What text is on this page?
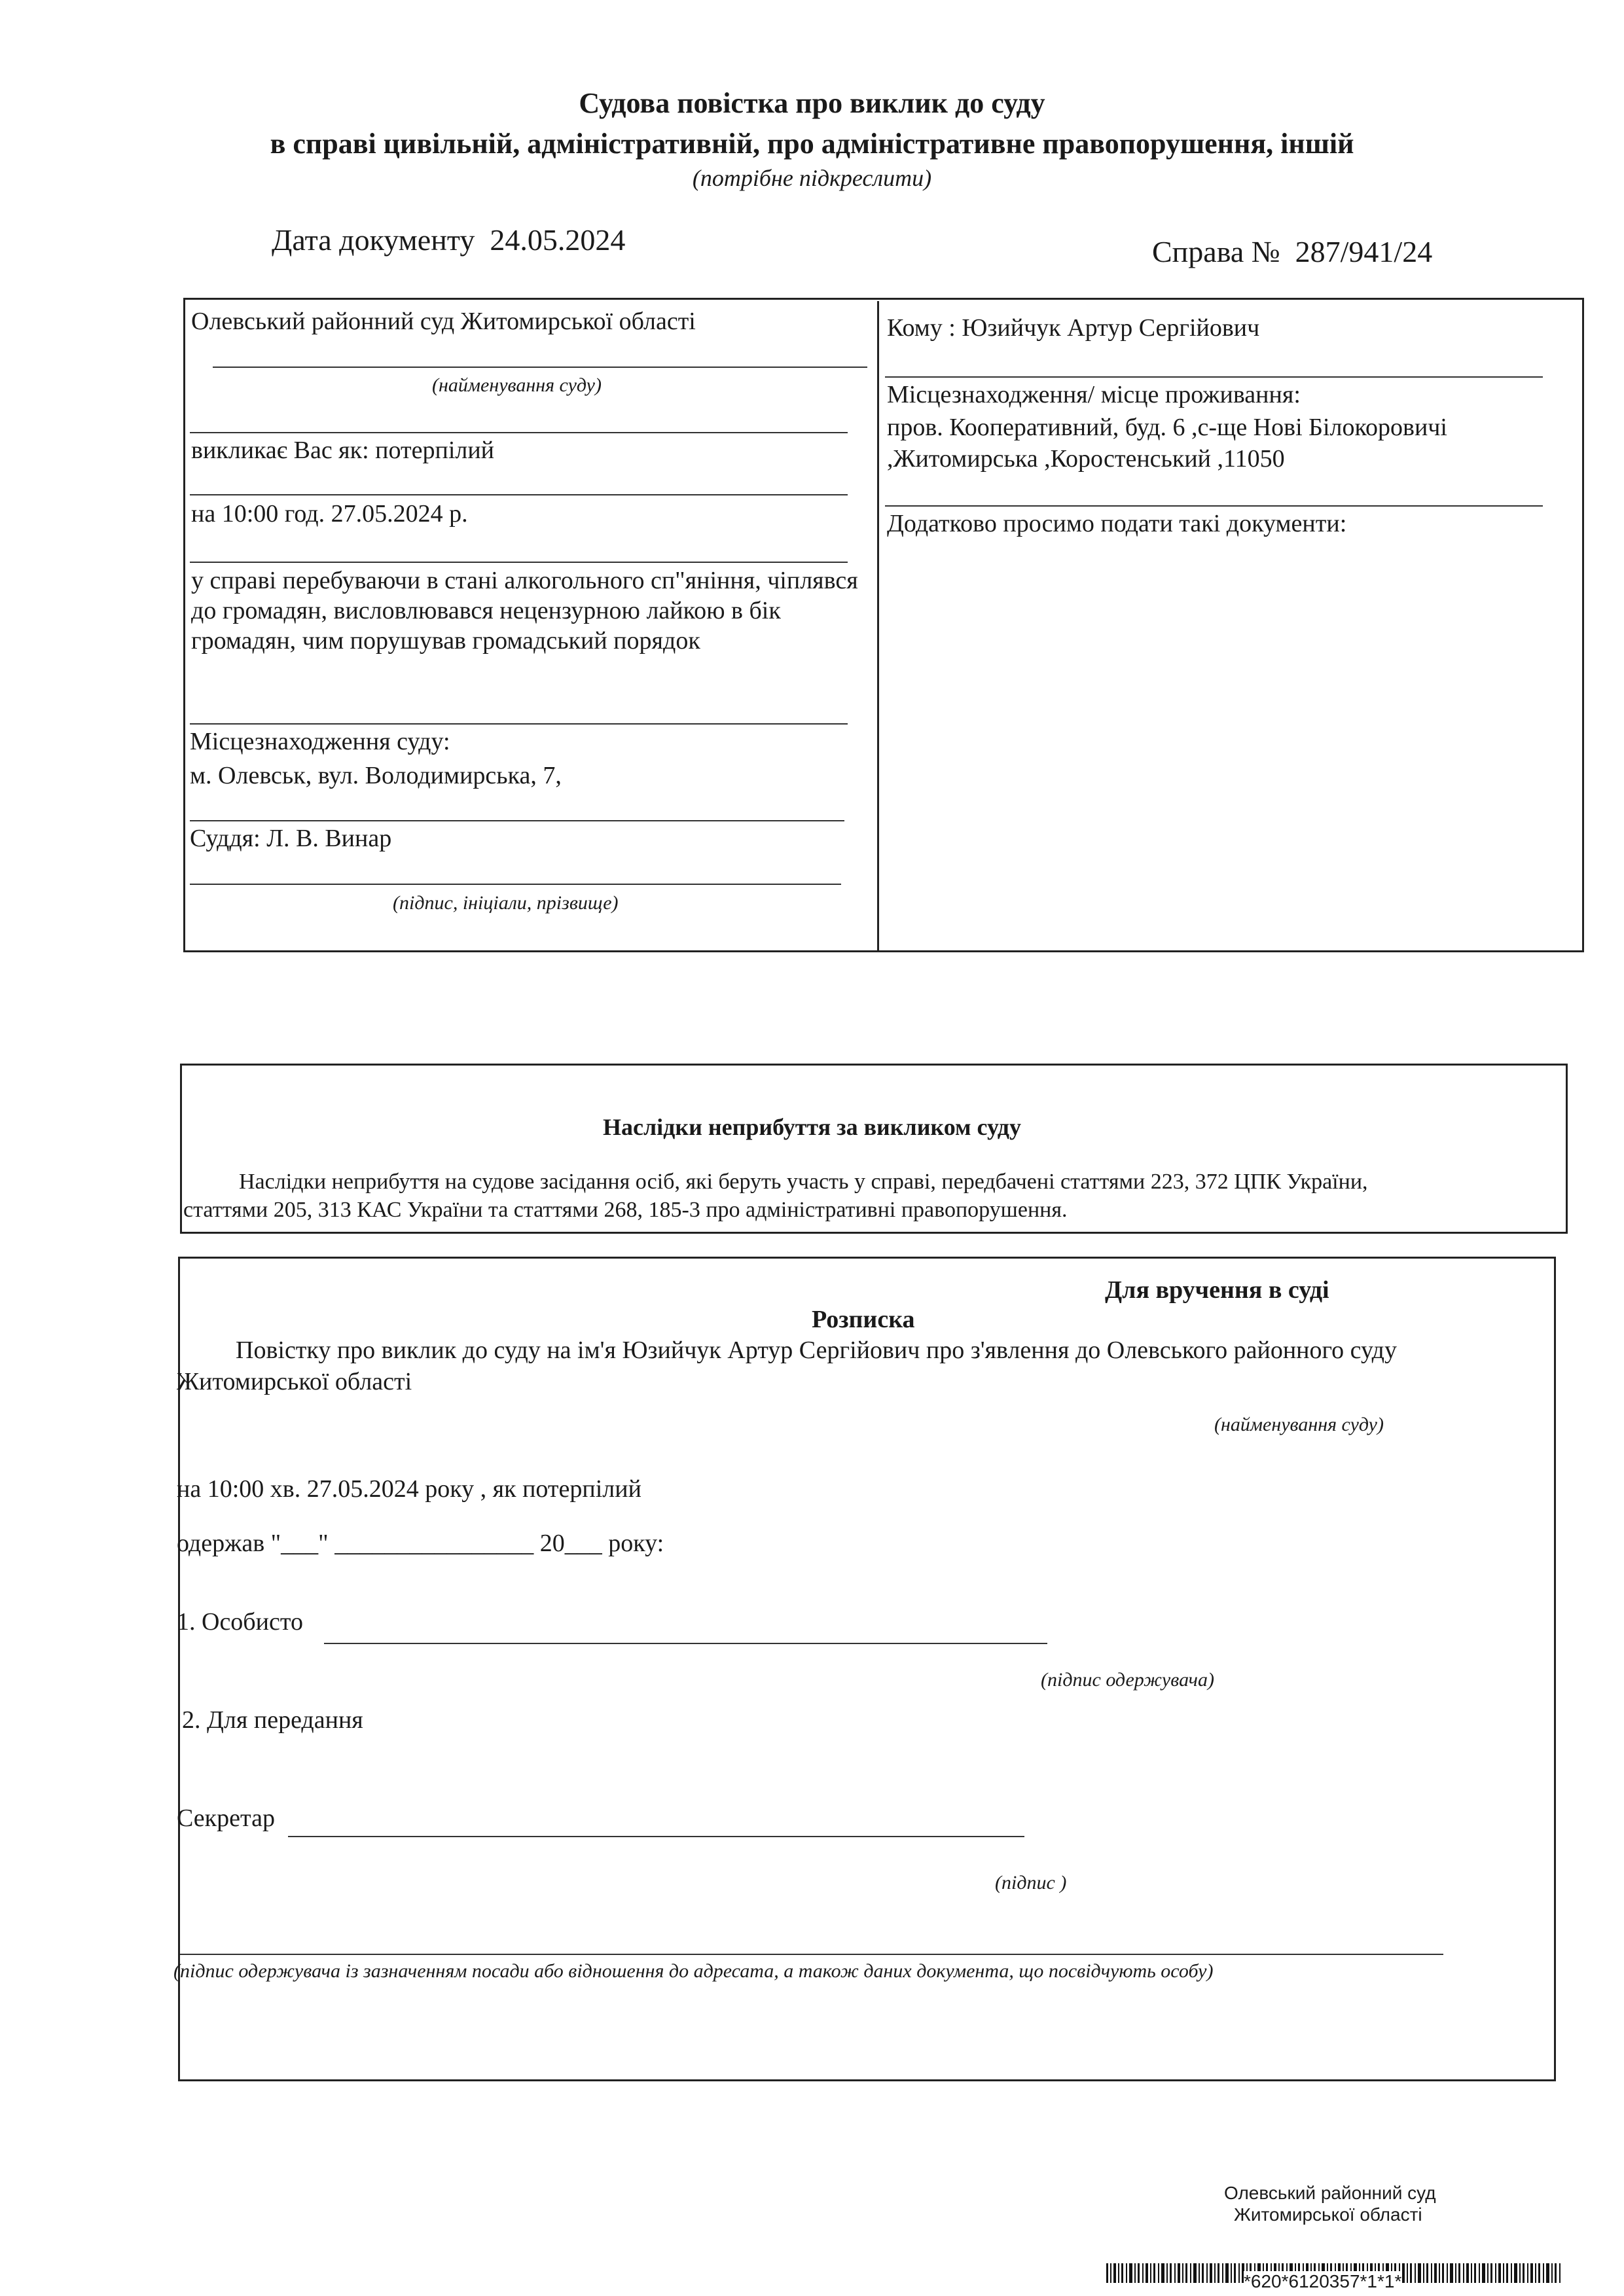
Судова повістка про виклик до суду
в справі цивільній, адміністративній, про адміністративне правопорушення, іншій
(потрібне підкреслити)
Дата документу 24.05.2024	Справа № 287/941/24
Олевський районний суд Житомирської області
(найменування суду)
викликає Вас як: потерпілий
на 10:00 год. 27.05.2024 р.
у справі перебуваючи в стані алкогольного сп"яніння, чіплявся до громадян, висловлювався нецензурною лайкою в бік громадян, чим порушував громадський порядок
Місцезнаходження суду:
м. Олевськ, вул. Володимирська, 7,
Суддя: Л. В. Винар
(підпис, ініціали, прізвище)
Кому : Юзийчук Артур Сергійович
Місцезнаходження/ місце проживання:
пров. Кооперативний, буд. 6 ,с-ще Нові Білокоровичі
,Житомирська ,Коростенський ,11050
Додатково просимо подати такі документи:
Наслідки неприбуття за викликом суду
Наслідки неприбуття на судове засідання осіб, які беруть участь у справі, передбачені статтями 223, 372 ЦПК України,
статтями 205, 313 КАС України та статтями 268, 185-3 про адміністративні правопорушення.
Для вручення в суді
Розписка
Повістку про виклик до суду на ім'я Юзийчук Артур Сергійович про з'явлення до Олевського районного суду
Житомирської області
(найменування суду)
на 10:00 хв. 27.05.2024 року , як потерпілий
одержав "___" ________________ 20___ року:
1. Особисто
(підпис одержувача)
2. Для передання
Секретар
(підпис )
(підпис одержувача із зазначенням посади або відношення до адресата, а також даних документа, що посвідчують особу)
Олевський районний суд
Житомирської області
*620*6120357*1*1*
